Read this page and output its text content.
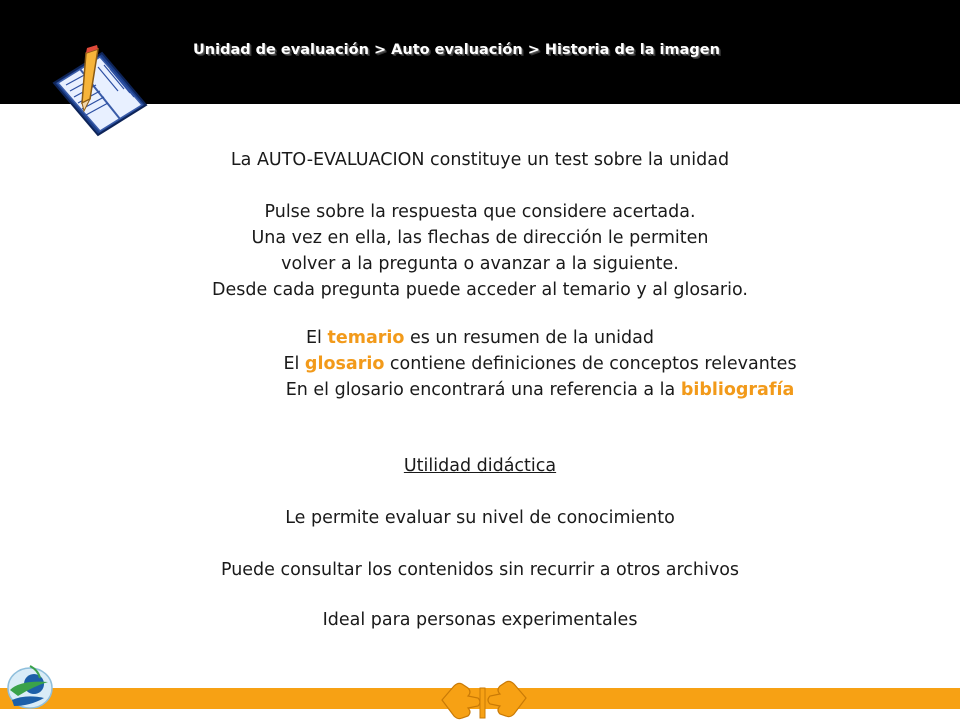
Unidad de evaluación > Auto evaluación > Historia de la imagen
La AUTO-EVALUACION constituye un test sobre la unidad
Pulse sobre la respuesta que considere acertada.
Una vez en ella, las flechas de dirección le permiten
volver a la pregunta o avanzar a la siguiente.
Desde cada pregunta puede acceder al temario y al glosario.
El temario es un resumen de la unidad
El glosario contiene definiciones de conceptos relevantes
En el glosario encontrará una referencia a la bibliografía
Utilidad didáctica
Le permite evaluar su nivel de conocimiento
Puede consultar los contenidos sin recurrir a otros archivos
Ideal para personas experimentales
